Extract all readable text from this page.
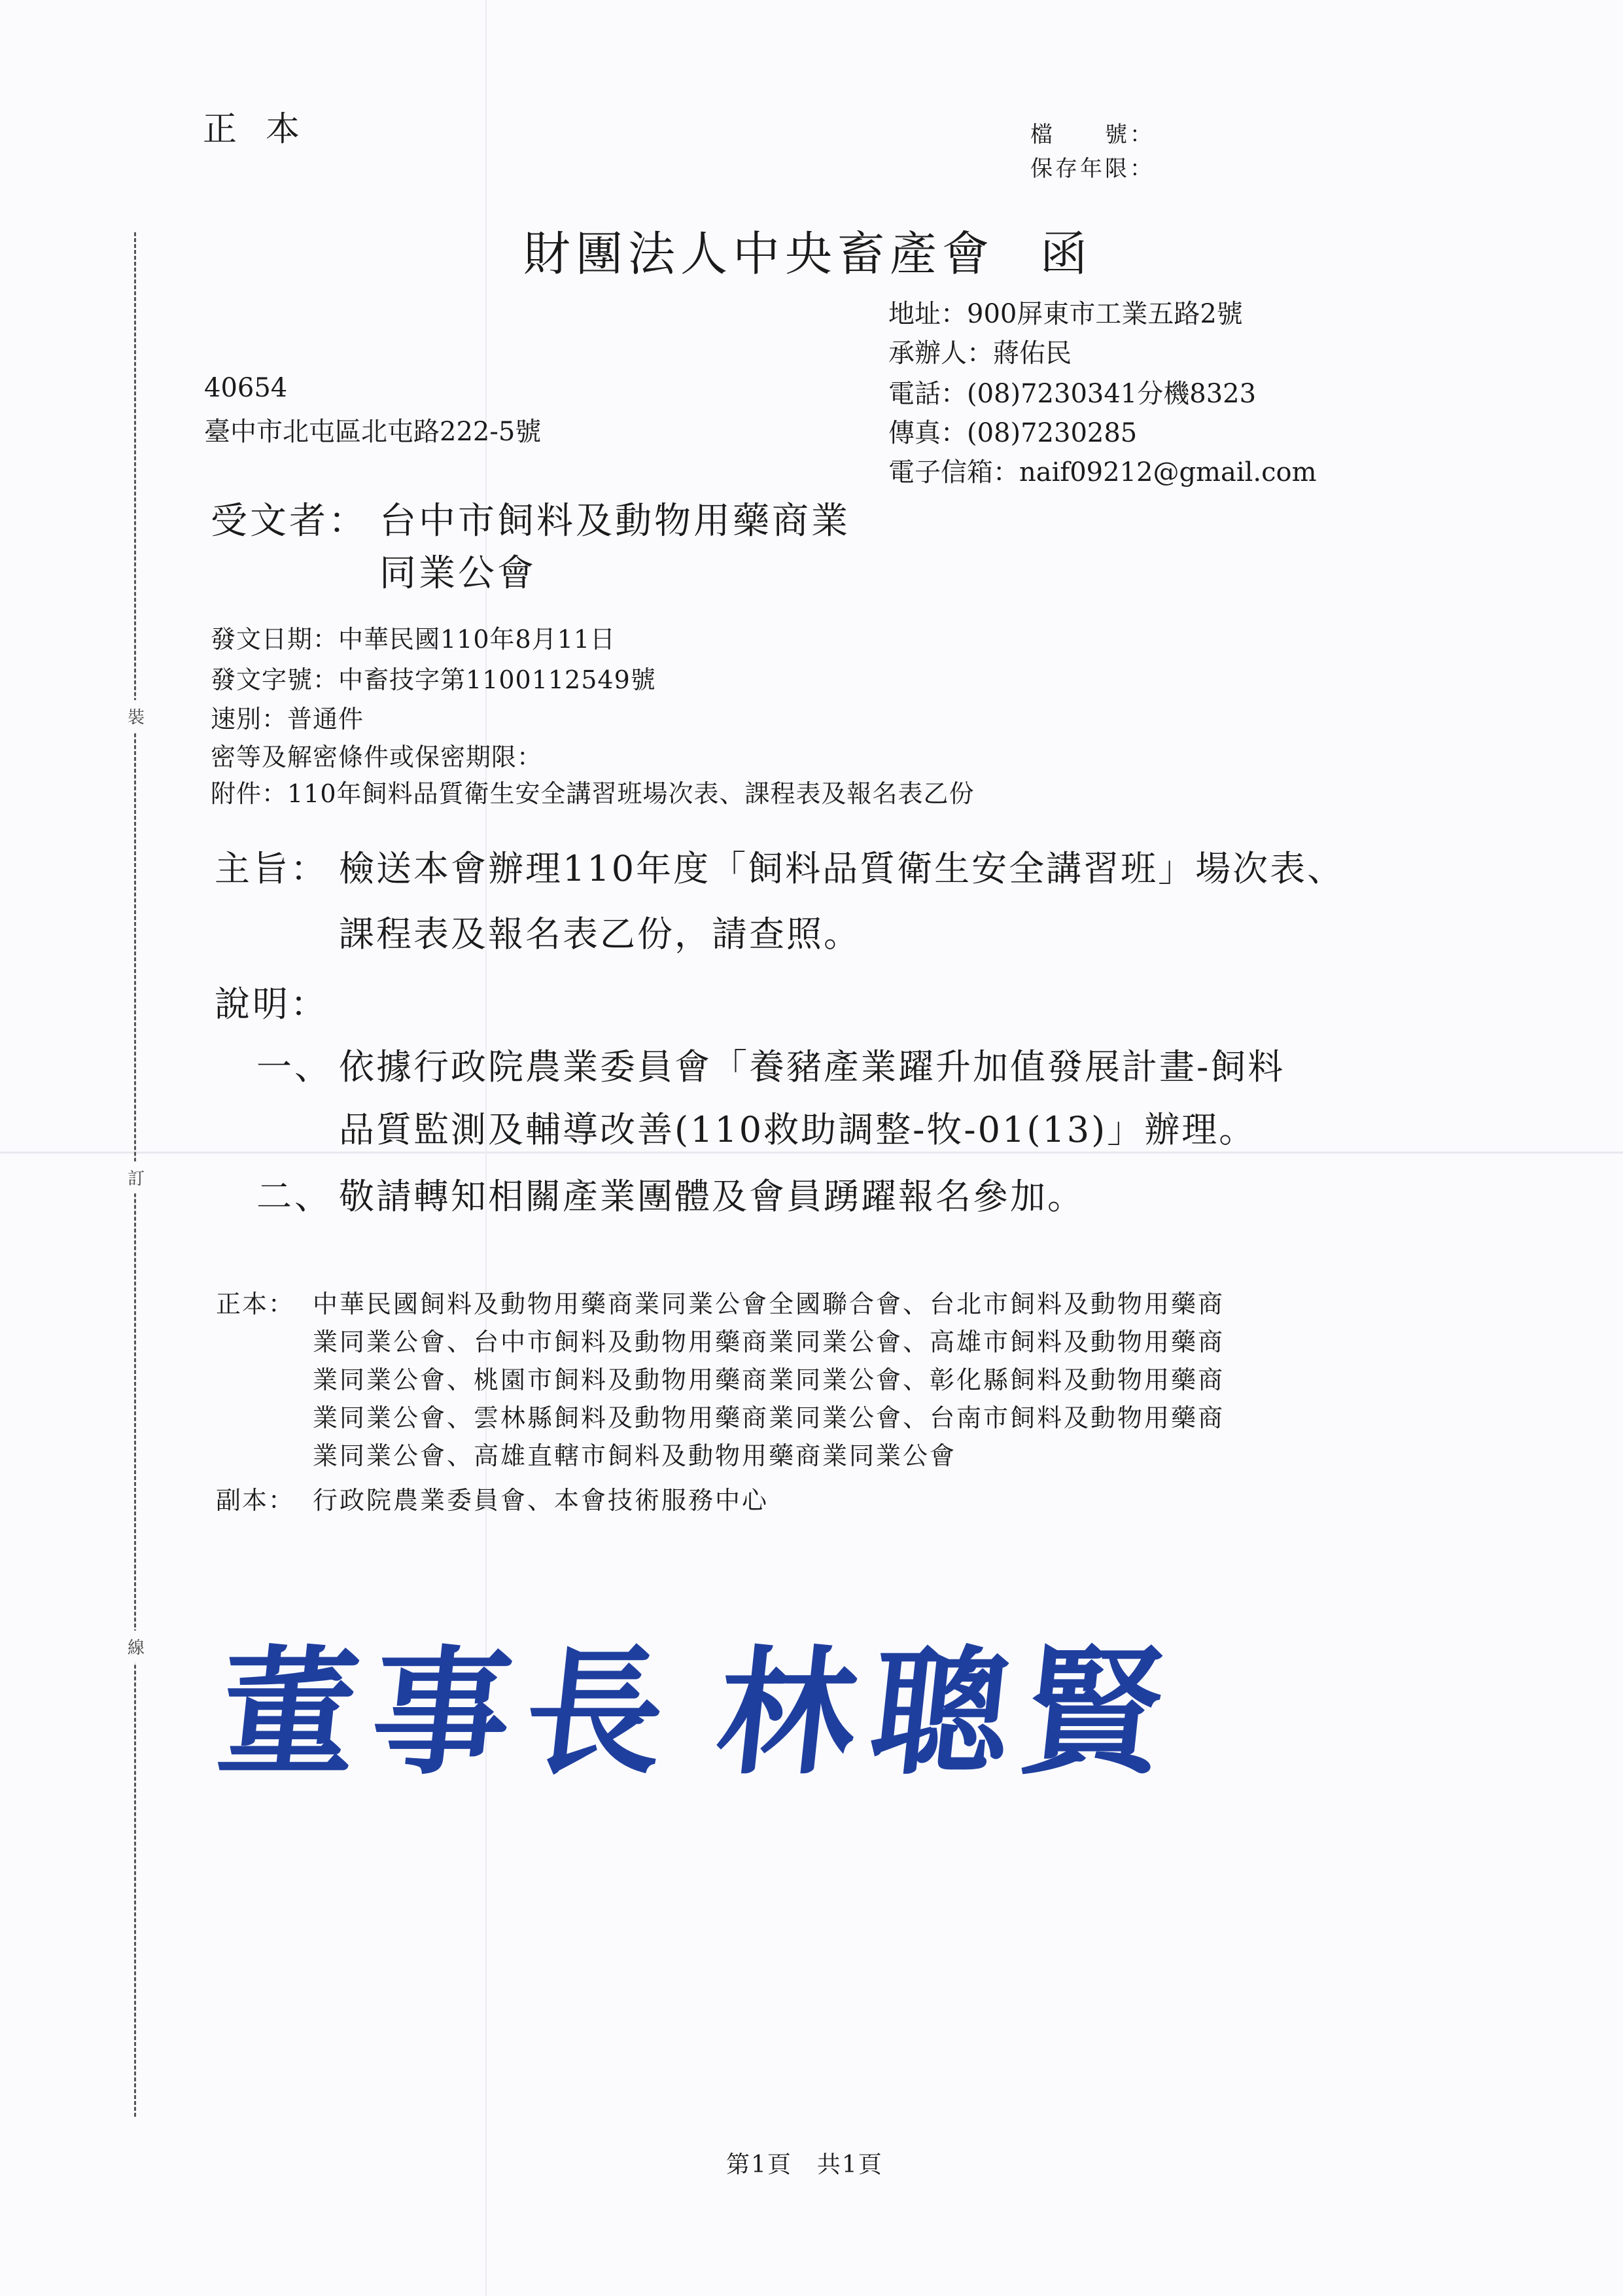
裝
訂
線
正本	檔　　號：
保存年限：
財團法人中央畜產會 函
地址：900屏東市工業五路2號
承辦人：蔣佑民
電話：(08)7230341分機8323
傳真：(08)7230285
電子信箱：naif09212@gmail.com
40654
臺中市北屯區北屯路222-5號
受文者： 台中市飼料及動物用藥商業
同業公會
發文日期：中華民國110年8月11日
發文字號：中畜技字第1100112549號
速別：普通件
密等及解密條件或保密期限：
附件：110年飼料品質衛生安全講習班場次表、課程表及報名表乙份
主旨： 檢送本會辦理110年度「飼料品質衛生安全講習班」場次表、
課程表及報名表乙份，請查照。
說明：
一、 依據行政院農業委員會「養豬產業躍升加值發展計畫-飼料
品質監測及輔導改善(110救助調整-牧-01(13)」辦理。
二、 敬請轉知相關產業團體及會員踴躍報名參加。
正本： 中華民國飼料及動物用藥商業同業公會全國聯合會、台北市飼料及動物用藥商
業同業公會、台中市飼料及動物用藥商業同業公會、高雄市飼料及動物用藥商
業同業公會、桃園市飼料及動物用藥商業同業公會、彰化縣飼料及動物用藥商
業同業公會、雲林縣飼料及動物用藥商業同業公會、台南市飼料及動物用藥商
業同業公會、高雄直轄市飼料及動物用藥商業同業公會
副本： 行政院農業委員會、本會技術服務中心
董事長 林聰賢
第1頁　共1頁
